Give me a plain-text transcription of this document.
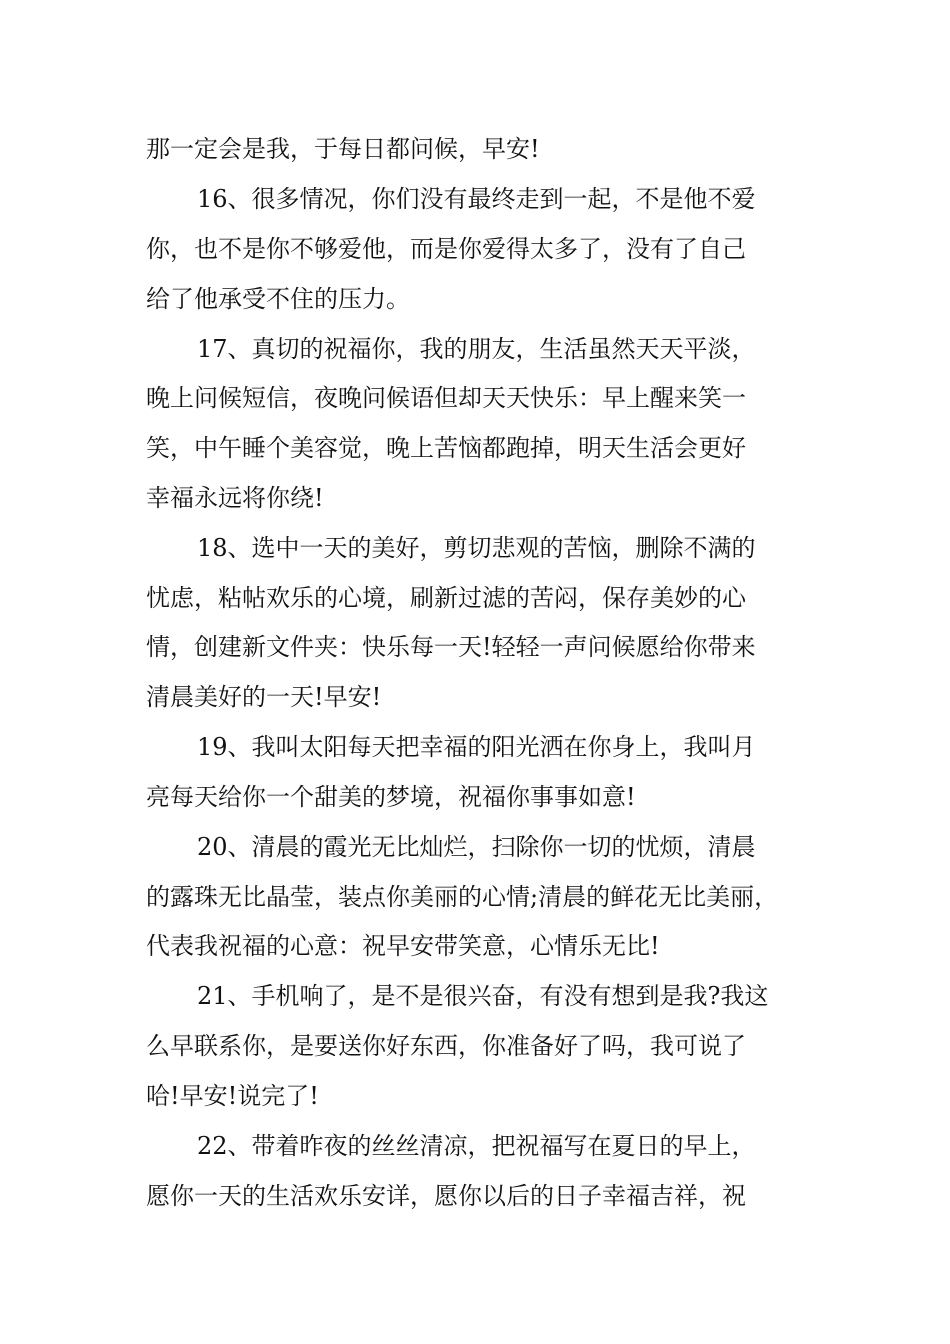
那一定会是我，于每日都问候，早安!
16、很多情况，你们没有最终走到一起，不是他不爱
你，也不是你不够爱他，而是你爱得太多了，没有了自己
给了他承受不住的压力。
17、真切的祝福你，我的朋友，生活虽然天天平淡，
晚上问候短信，夜晚问候语但却天天快乐：早上醒来笑一
笑，中午睡个美容觉，晚上苦恼都跑掉，明天生活会更好
幸福永远将你绕!
18、选中一天的美好，剪切悲观的苦恼，删除不满的
忧虑，粘帖欢乐的心境，刷新过滤的苦闷，保存美妙的心
情，创建新文件夹：快乐每一天!轻轻一声问候愿给你带来
清晨美好的一天!早安!
19、我叫太阳每天把幸福的阳光洒在你身上，我叫月
亮每天给你一个甜美的梦境，祝福你事事如意!
20、清晨的霞光无比灿烂，扫除你一切的忧烦，清晨
的露珠无比晶莹，装点你美丽的心情;清晨的鲜花无比美丽，
代表我祝福的心意：祝早安带笑意，心情乐无比!
21、手机响了，是不是很兴奋，有没有想到是我?我这
么早联系你，是要送你好东西，你准备好了吗，我可说了
哈!早安!说完了!
22、带着昨夜的丝丝清凉，把祝福写在夏日的早上，
愿你一天的生活欢乐安详，愿你以后的日子幸福吉祥，祝
